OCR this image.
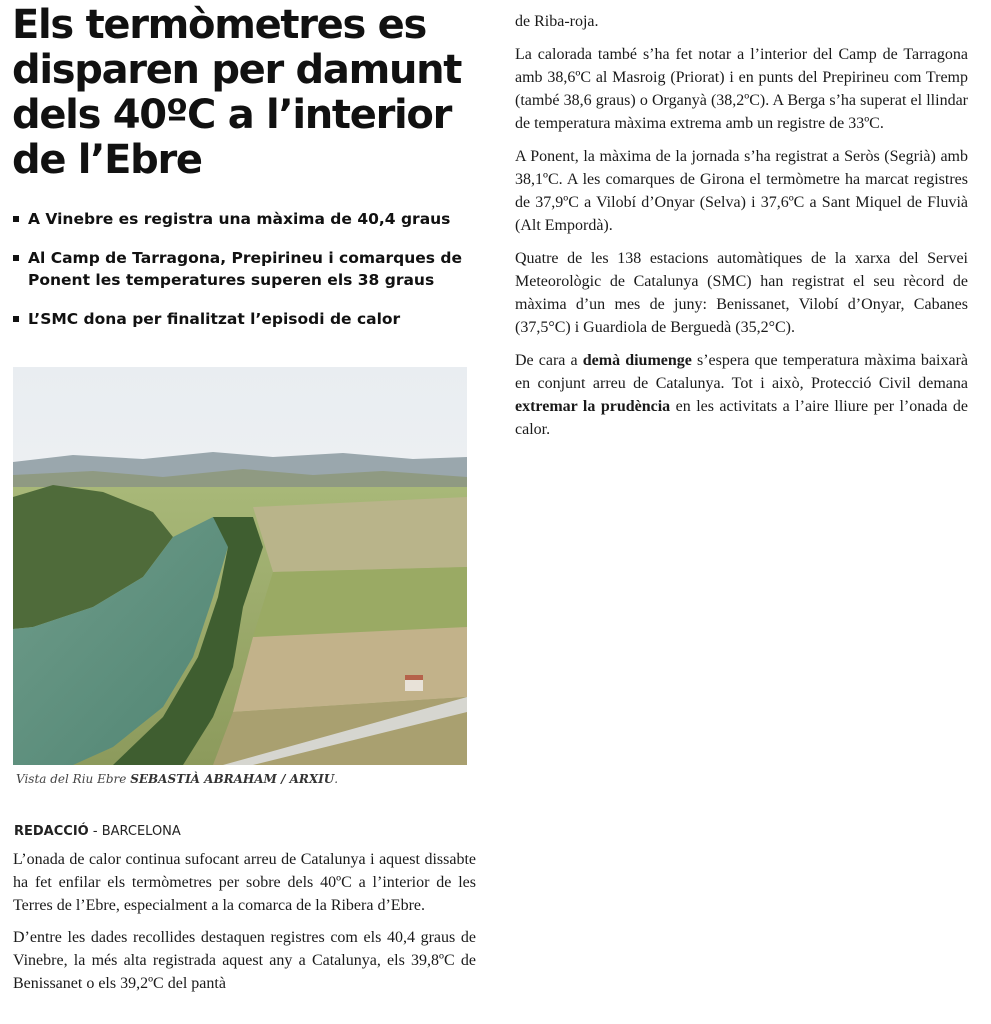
Els termòmetres es disparen per damunt dels 40ºC a l’interior de l’Ebre
A Vinebre es registra una màxima de 40,4 graus
Al Camp de Tarragona, Prepirineu i comarques de Ponent les temperatures superen els 38 graus
L’SMC dona per finalitzat l’episodi de calor
Vista del Riu Ebre SEBASTIÀ ABRAHAM / ARXIU.
REDACCIÓ - BARCELONA

L’onada de calor continua sufocant arreu de Catalunya i aquest dissabte ha fet enfilar els termòmetres per sobre dels 40ºC a l’interior de les Terres de l’Ebre, especialment a la comarca de la Ribera d’Ebre.

D’entre les dades recollides destaquen registres com els 40,4 graus de Vinebre, la més alta registrada aquest any a Catalunya, els 39,8ºC de Benissanet o els 39,2ºC del pantà

de Riba-roja.

La calorada també s’ha fet notar a l’interior del Camp de Tarragona amb 38,6ºC al Masroig (Priorat) i en punts del Prepirineu com Tremp (també 38,6 graus) o Organyà (38,2ºC). A Berga s’ha superat el llindar de temperatura màxima extrema amb un registre de 33ºC.

A Ponent, la màxima de la jornada s’ha registrat a Seròs (Segrià) amb 38,1ºC. A les comarques de Girona el termòmetre ha marcat registres de 37,9ºC a Vilobí d’Onyar (Selva) i 37,6ºC a Sant Miquel de Fluvià (Alt Empordà).

Quatre de les 138 estacions automàtiques de la xarxa del Servei Meteorològic de Catalunya (SMC) han registrat el seu rècord de màxima d’un mes de juny: Benissanet, Vilobí d’Onyar, Cabanes (37,5°C) i Guardiola de Berguedà (35,2°C).

De cara a demà diumenge s’espera que temperatura màxima baixarà en conjunt arreu de Catalunya. Tot i això, Protecció Civil demana extremar la prudència en les activitats a l’aire lliure per l’onada de calor.
